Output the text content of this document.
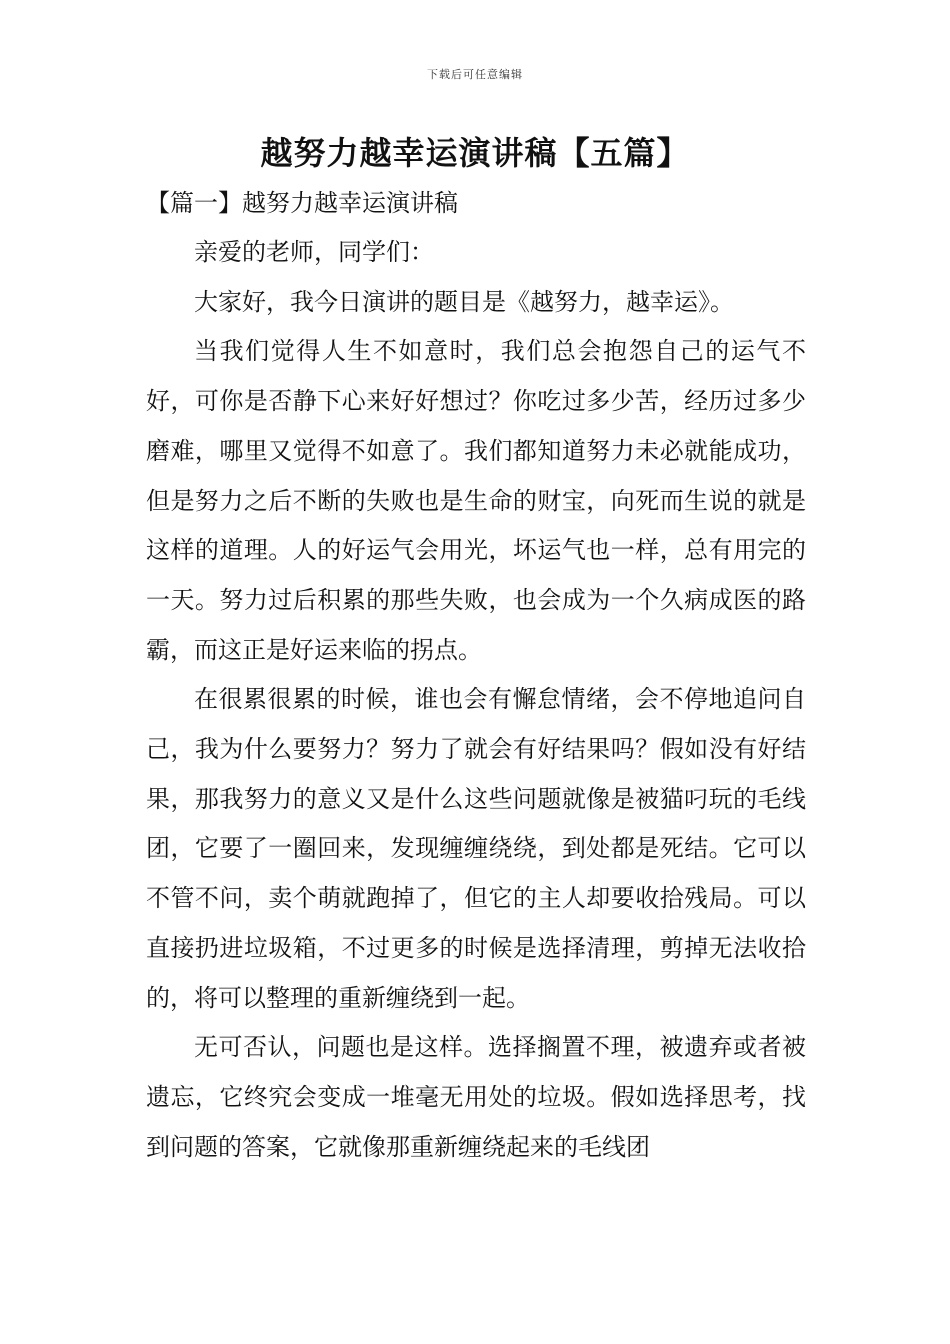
下载后可任意编辑
越努力越幸运演讲稿【五篇】
【篇一】越努力越幸运演讲稿

亲爱的老师，同学们：

大家好，我今日演讲的题目是《越努力，越幸运》。

当我们觉得人生不如意时，我们总会抱怨自己的运气不好，可你是否静下心来好好想过？你吃过多少苦，经历过多少磨难，哪里又觉得不如意了。我们都知道努力未必就能成功，但是努力之后不断的失败也是生命的财宝，向死而生说的就是这样的道理。人的好运气会用光，坏运气也一样，总有用完的一天。努力过后积累的那些失败，也会成为一个久病成医的路霸，而这正是好运来临的拐点。

在很累很累的时候，谁也会有懈怠情绪，会不停地追问自己，我为什么要努力？努力了就会有好结果吗？假如没有好结果，那我努力的意义又是什么这些问题就像是被猫叼玩的毛线团，它要了一圈回来，发现缠缠绕绕，到处都是死结。它可以不管不问，卖个萌就跑掉了，但它的主人却要收拾残局。可以直接扔进垃圾箱，不过更多的时候是选择清理，剪掉无法收拾的，将可以整理的重新缠绕到一起。

无可否认，问题也是这样。选择搁置不理，被遗弃或者被遗忘，它终究会变成一堆毫无用处的垃圾。假如选择思考，找到问题的答案，它就像那重新缠绕起来的毛线团
